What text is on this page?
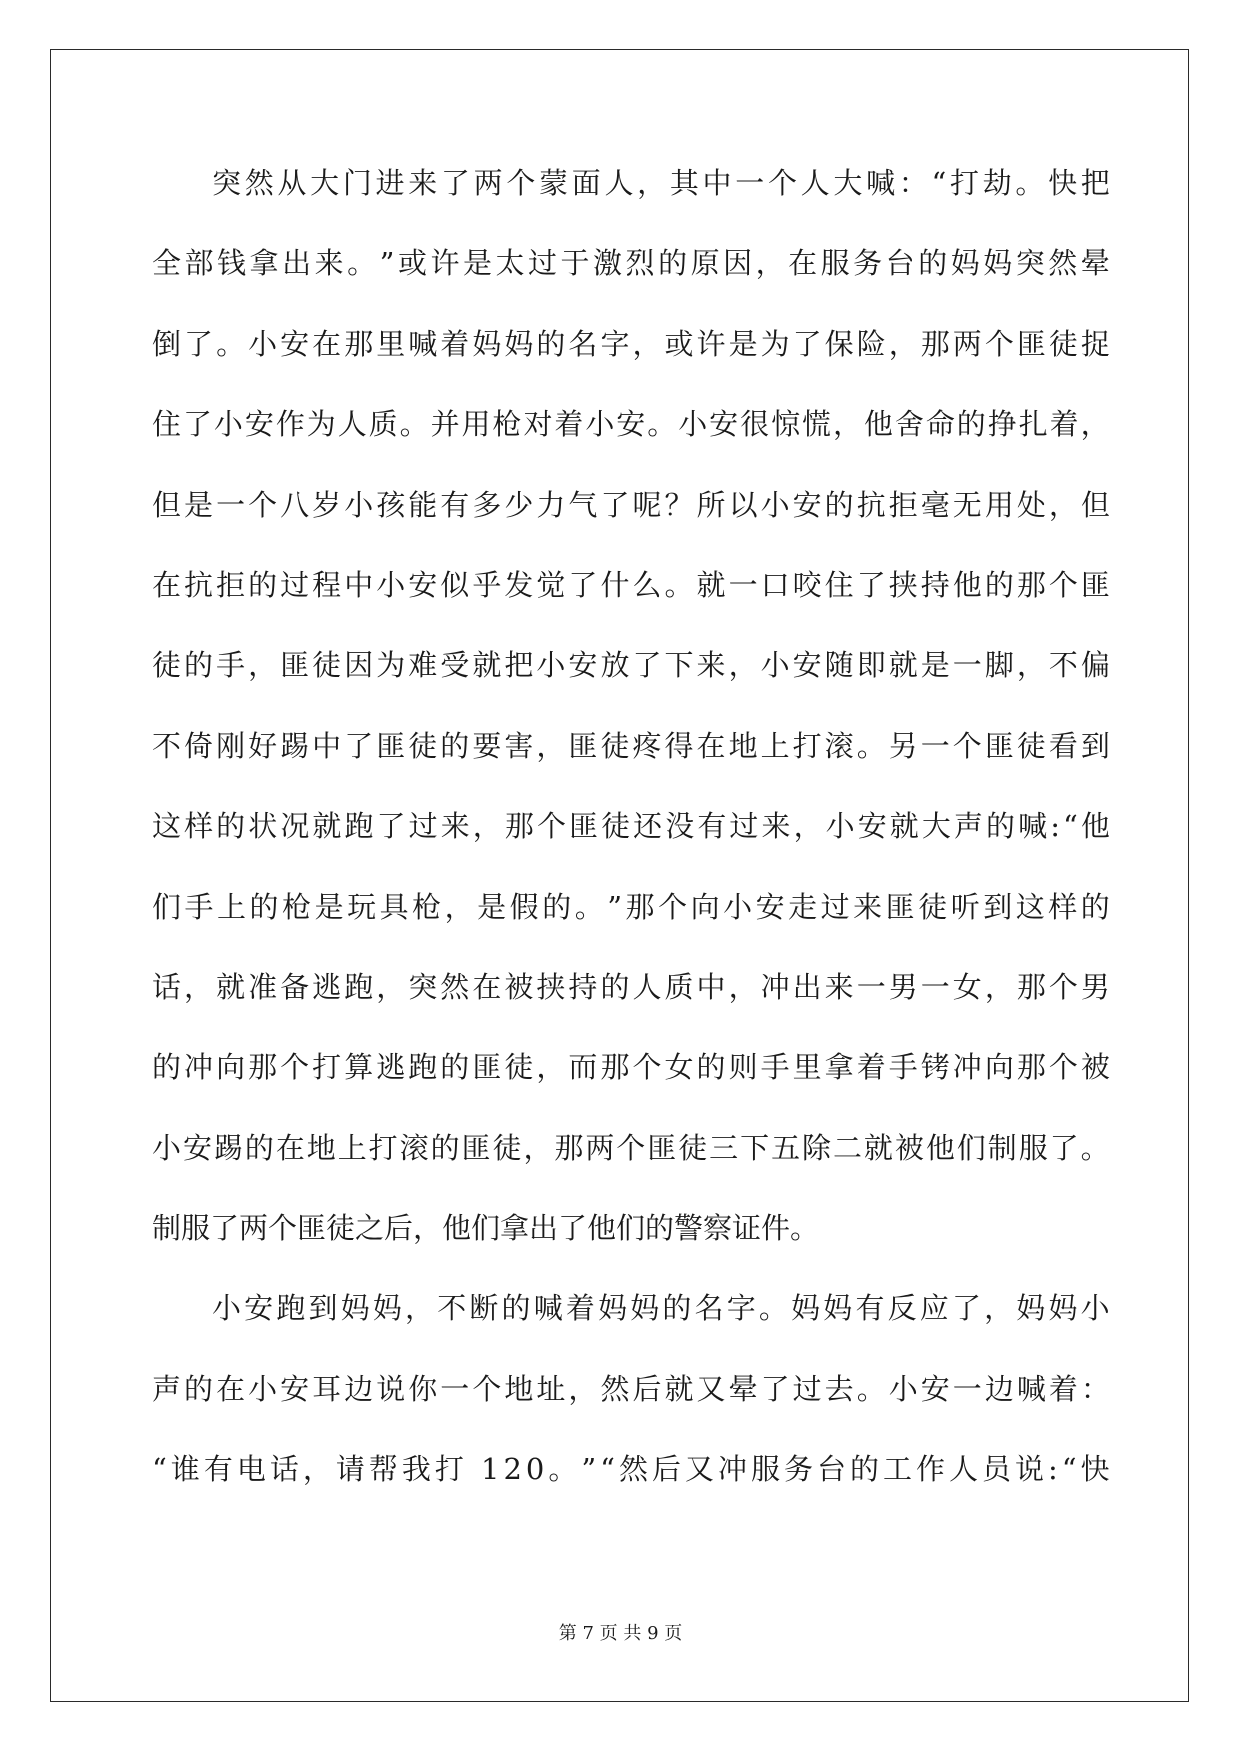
突 然 从 大 门 进 来 了 两 个 蒙 面 人 ， 其 中 一 个 人 大 喊 ： “ 打 劫 。 快 把
全 部 钱 拿 出 来 。 ” 或 许 是 太 过 于 激 烈 的 原 因 ， 在 服 务 台 的 妈 妈 突 然 晕
倒 了 。 小 安 在 那 里 喊 着 妈 妈 的 名 字 ， 或 许 是 为 了 保 险 ， 那 两 个 匪 徒 捉
住 了 小 安 作 为 人 质 。 并 用 枪 对 着 小 安 。 小 安 很 惊 慌 ， 他 舍 命 的 挣 扎 着 ，
但 是 一 个 八 岁 小 孩 能 有 多 少 力 气 了 呢 ？ 所 以 小 安 的 抗 拒 毫 无 用 处 ， 但
在 抗 拒 的 过 程 中 小 安 似 乎 发 觉 了 什 么 。 就 一 口 咬 住 了 挟 持 他 的 那 个 匪
徒 的 手 ， 匪 徒 因 为 难 受 就 把 小 安 放 了 下 来 ， 小 安 随 即 就 是 一 脚 ， 不 偏
不 倚 刚 好 踢 中 了 匪 徒 的 要 害 ， 匪 徒 疼 得 在 地 上 打 滚 。 另 一 个 匪 徒 看 到
这 样 的 状 况 就 跑 了 过 来 ， 那 个 匪 徒 还 没 有 过 来 ， 小 安 就 大 声 的 喊 : “ 他
们 手 上 的 枪 是 玩 具 枪 ， 是 假 的 。 ” 那 个 向 小 安 走 过 来 匪 徒 听 到 这 样 的
话 ， 就 准 备 逃 跑 ， 突 然 在 被 挟 持 的 人 质 中 ， 冲 出 来 一 男 一 女 ， 那 个 男
的 冲 向 那 个 打 算 逃 跑 的 匪 徒 ， 而 那 个 女 的 则 手 里 拿 着 手 铐 冲 向 那 个 被
小 安 踢 的 在 地 上 打 滚 的 匪 徒 ， 那 两 个 匪 徒 三 下 五 除 二 就 被 他 们 制 服 了 。
制服了两个匪徒之后，他们拿出了他们的警察证件。
小 安 跑 到 妈 妈 ， 不 断 的 喊 着 妈 妈 的 名 字 。 妈 妈 有 反 应 了 ， 妈 妈 小
声 的 在 小 安 耳 边 说 你 一 个 地 址 ， 然 后 就 又 晕 了 过 去 。 小 安 一 边 喊 着 ：
“ 谁 有 电 话 ， 请 帮 我 打
1 2 0 。 ” “ 然 后 又 冲 服 务 台 的 工 作 人 员 说 : “ 快
第 7 页 共 9 页
